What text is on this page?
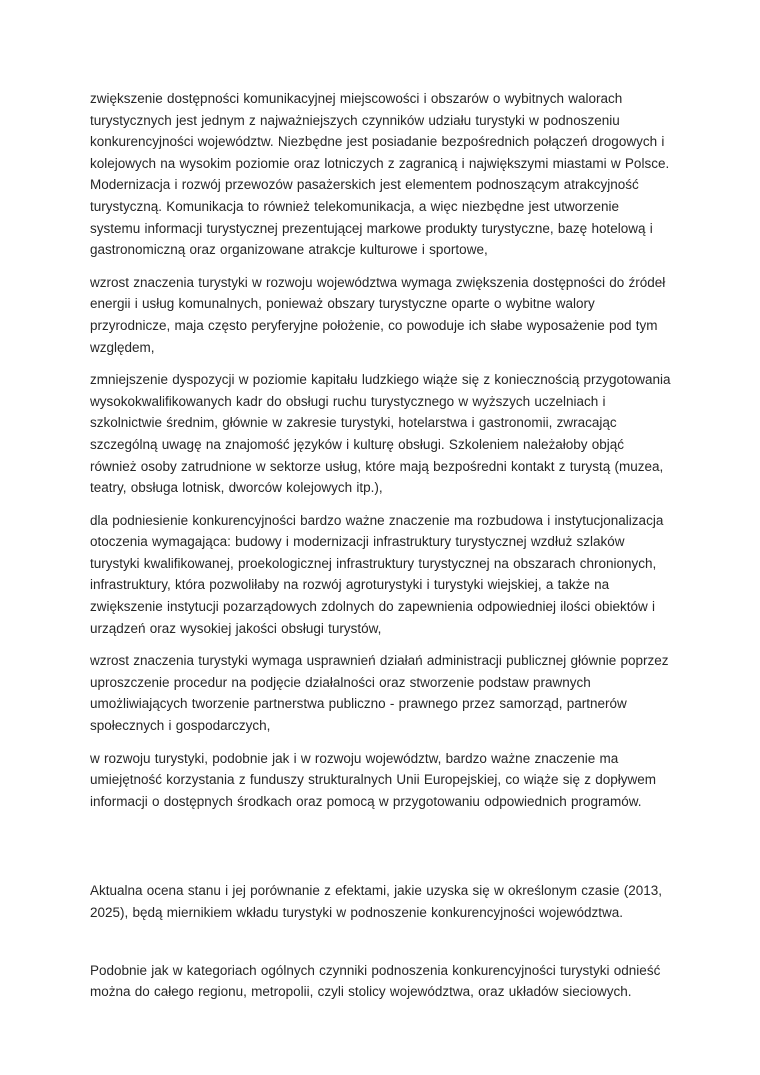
zwiększenie dostępności komunikacyjnej miejscowości i obszarów o wybitnych walorach turystycznych jest jednym z najważniejszych czynników udziału turystyki w podnoszeniu konkurencyjności województw. Niezbędne jest posiadanie bezpośrednich połączeń drogowych i kolejowych na wysokim poziomie oraz lotniczych z zagranicą i największymi miastami w Polsce. Modernizacja i rozwój przewozów pasażerskich jest elementem podnoszącym atrakcyjność turystyczną. Komunikacja to również telekomunikacja, a więc niezbędne jest utworzenie systemu informacji turystycznej prezentującej markowe produkty turystyczne, bazę hotelową i gastronomiczną oraz organizowane atrakcje kulturowe i sportowe,

wzrost znaczenia turystyki w rozwoju województwa wymaga zwiększenia dostępności do źródeł energii i usług komunalnych, ponieważ obszary turystyczne oparte o wybitne walory przyrodnicze, maja często peryferyjne położenie, co powoduje ich słabe wyposażenie pod tym względem,

zmniejszenie dyspozycji w poziomie kapitału ludzkiego wiąże się z koniecznością przygotowania wysokokwalifikowanych kadr do obsługi ruchu turystycznego w wyższych uczelniach i szkolnictwie średnim, głównie w zakresie turystyki, hotelarstwa i gastronomii, zwracając szczególną uwagę na znajomość języków i kulturę obsługi. Szkoleniem należałoby objąć również osoby zatrudnione w sektorze usług, które mają bezpośredni kontakt z turystą (muzea, teatry, obsługa lotnisk, dworców kolejowych itp.),

dla podniesienie konkurencyjności bardzo ważne znaczenie ma rozbudowa i instytucjonalizacja otoczenia wymagająca: budowy i modernizacji infrastruktury turystycznej wzdłuż szlaków turystyki kwalifikowanej, proekologicznej infrastruktury turystycznej na obszarach chronionych, infrastruktury, która pozwoliłaby na rozwój agroturystyki i turystyki wiejskiej, a także na zwiększenie instytucji pozarządowych zdolnych do zapewnienia odpowiedniej ilości obiektów i urządzeń oraz wysokiej jakości obsługi turystów,

wzrost znaczenia turystyki wymaga usprawnień działań administracji publicznej głównie poprzez uproszczenie procedur na podjęcie działalności oraz stworzenie podstaw prawnych umożliwiających tworzenie partnerstwa publiczno - prawnego przez samorząd, partnerów społecznych i gospodarczych,

w rozwoju turystyki, podobnie jak i w rozwoju województw, bardzo ważne znaczenie ma umiejętność korzystania z funduszy strukturalnych Unii Europejskiej, co wiąże się z dopływem informacji o dostępnych środkach oraz pomocą w przygotowaniu odpowiednich programów.

Aktualna ocena stanu i jej porównanie z efektami, jakie uzyska się w określonym czasie (2013, 2025), będą miernikiem wkładu turystyki w podnoszenie konkurencyjności województwa.

Podobnie jak w kategoriach ogólnych czynniki podnoszenia konkurencyjności turystyki odnieść można do całego regionu, metropolii, czyli stolicy województwa, oraz układów sieciowych.
